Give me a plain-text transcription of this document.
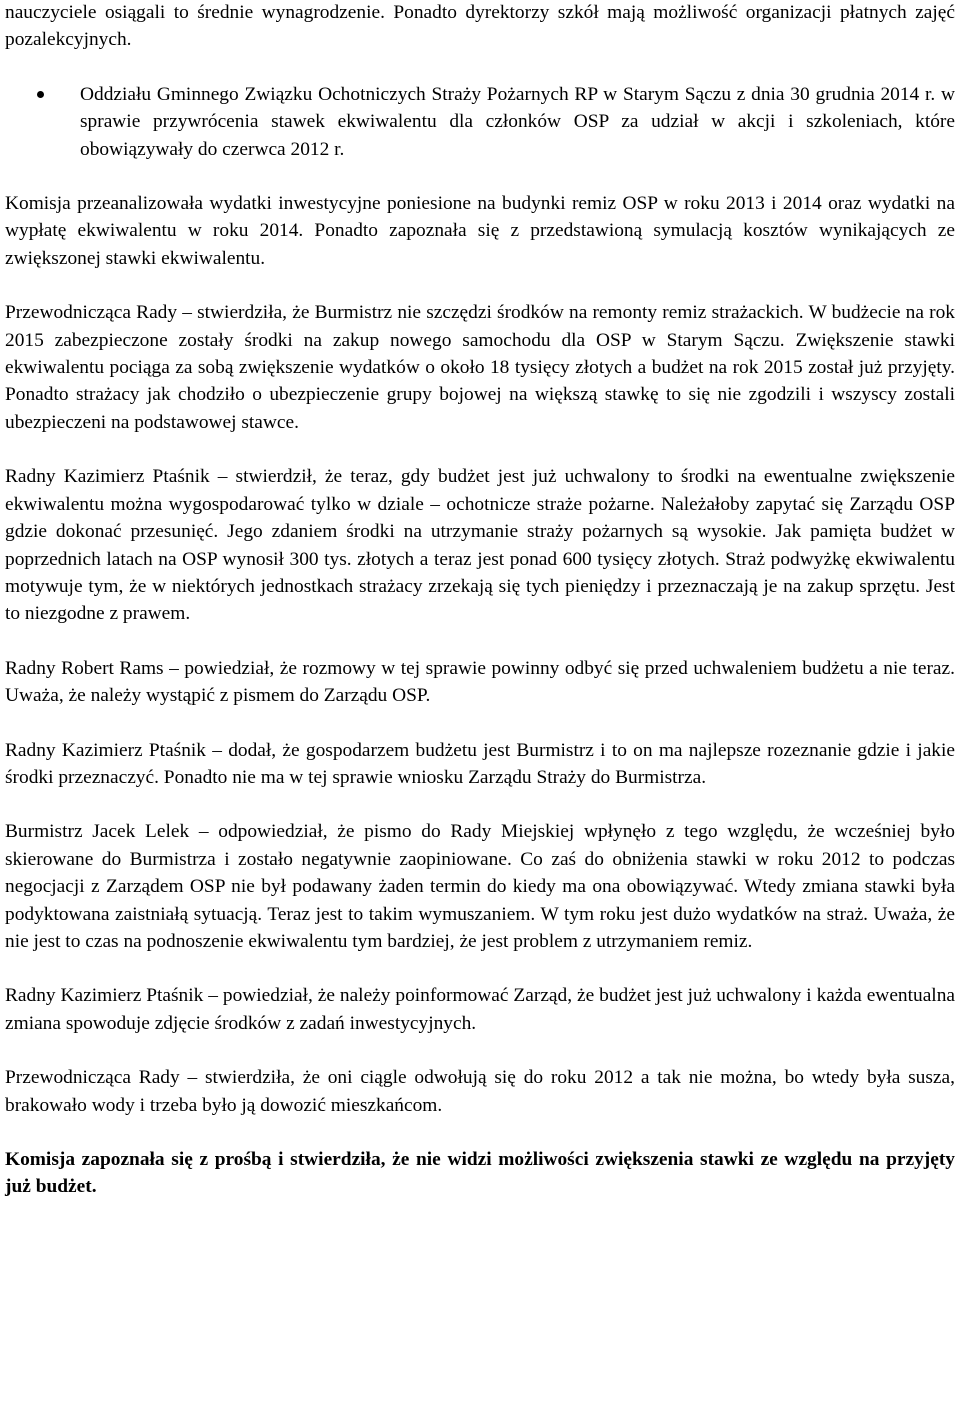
nauczyciele osiągali to średnie wynagrodzenie. Ponadto dyrektorzy szkół mają możliwość organizacji płatnych zajęć pozalekcyjnych.

Oddziału Gminnego Związku Ochotniczych Straży Pożarnych RP w Starym Sączu z dnia 30 grudnia 2014 r. w sprawie przywrócenia stawek ekwiwalentu dla członków OSP za udział w akcji i szkoleniach, które obowiązywały do czerwca 2012 r.

Komisja przeanalizowała wydatki inwestycyjne poniesione na budynki remiz OSP w roku 2013 i 2014 oraz wydatki na wypłatę ekwiwalentu w roku 2014. Ponadto zapoznała się z przedstawioną symulacją kosztów wynikających ze zwiększonej stawki ekwiwalentu.

Przewodnicząca Rady – stwierdziła, że Burmistrz nie szczędzi środków na remonty remiz strażackich. W budżecie na rok 2015 zabezpieczone zostały środki na zakup nowego samochodu dla OSP w Starym Sączu. Zwiększenie stawki ekwiwalentu pociąga za sobą zwiększenie wydatków o około 18 tysięcy złotych a budżet na rok 2015 został już przyjęty. Ponadto strażacy jak chodziło o ubezpieczenie grupy bojowej na większą stawkę to się nie zgodzili i wszyscy zostali ubezpieczeni na podstawowej stawce.

Radny Kazimierz Ptaśnik – stwierdził, że teraz, gdy budżet jest już uchwalony to środki na ewentualne zwiększenie ekwiwalentu można wygospodarować tylko w dziale – ochotnicze straże pożarne. Należałoby zapytać się Zarządu OSP gdzie dokonać przesunięć. Jego zdaniem środki na utrzymanie straży pożarnych są wysokie. Jak pamięta budżet w poprzednich latach na OSP wynosił 300 tys. złotych a teraz jest ponad 600 tysięcy złotych. Straż podwyżkę ekwiwalentu motywuje tym, że w niektórych jednostkach strażacy zrzekają się tych pieniędzy i przeznaczają je na zakup sprzętu. Jest to niezgodne z prawem.

Radny Robert Rams – powiedział, że rozmowy w tej sprawie powinny odbyć się przed uchwaleniem budżetu a nie teraz. Uważa, że należy wystąpić z pismem do Zarządu OSP.

Radny Kazimierz Ptaśnik – dodał, że gospodarzem budżetu jest Burmistrz i to on ma najlepsze rozeznanie gdzie i jakie środki przeznaczyć. Ponadto nie ma w tej sprawie wniosku Zarządu Straży do Burmistrza.

Burmistrz Jacek Lelek – odpowiedział, że pismo do Rady Miejskiej wpłynęło z tego względu, że wcześniej było skierowane do Burmistrza i zostało negatywnie zaopiniowane. Co zaś do obniżenia stawki w roku 2012 to podczas negocjacji z Zarządem OSP nie był podawany żaden termin do kiedy ma ona obowiązywać. Wtedy zmiana stawki była podyktowana zaistniałą sytuacją. Teraz jest to takim wymuszaniem. W tym roku jest dużo wydatków na straż. Uważa, że nie jest to czas na podnoszenie ekwiwalentu tym bardziej, że jest problem z utrzymaniem remiz.

Radny Kazimierz Ptaśnik – powiedział, że należy poinformować Zarząd, że budżet jest już uchwalony i każda ewentualna zmiana spowoduje zdjęcie środków z zadań inwestycyjnych.

Przewodnicząca Rady – stwierdziła, że oni ciągle odwołują się do roku 2012 a tak nie można, bo wtedy była susza, brakowało wody i trzeba było ją dowozić mieszkańcom.

Komisja zapoznała się z prośbą i stwierdziła, że nie widzi możliwości zwiększenia stawki ze względu na przyjęty już budżet.
